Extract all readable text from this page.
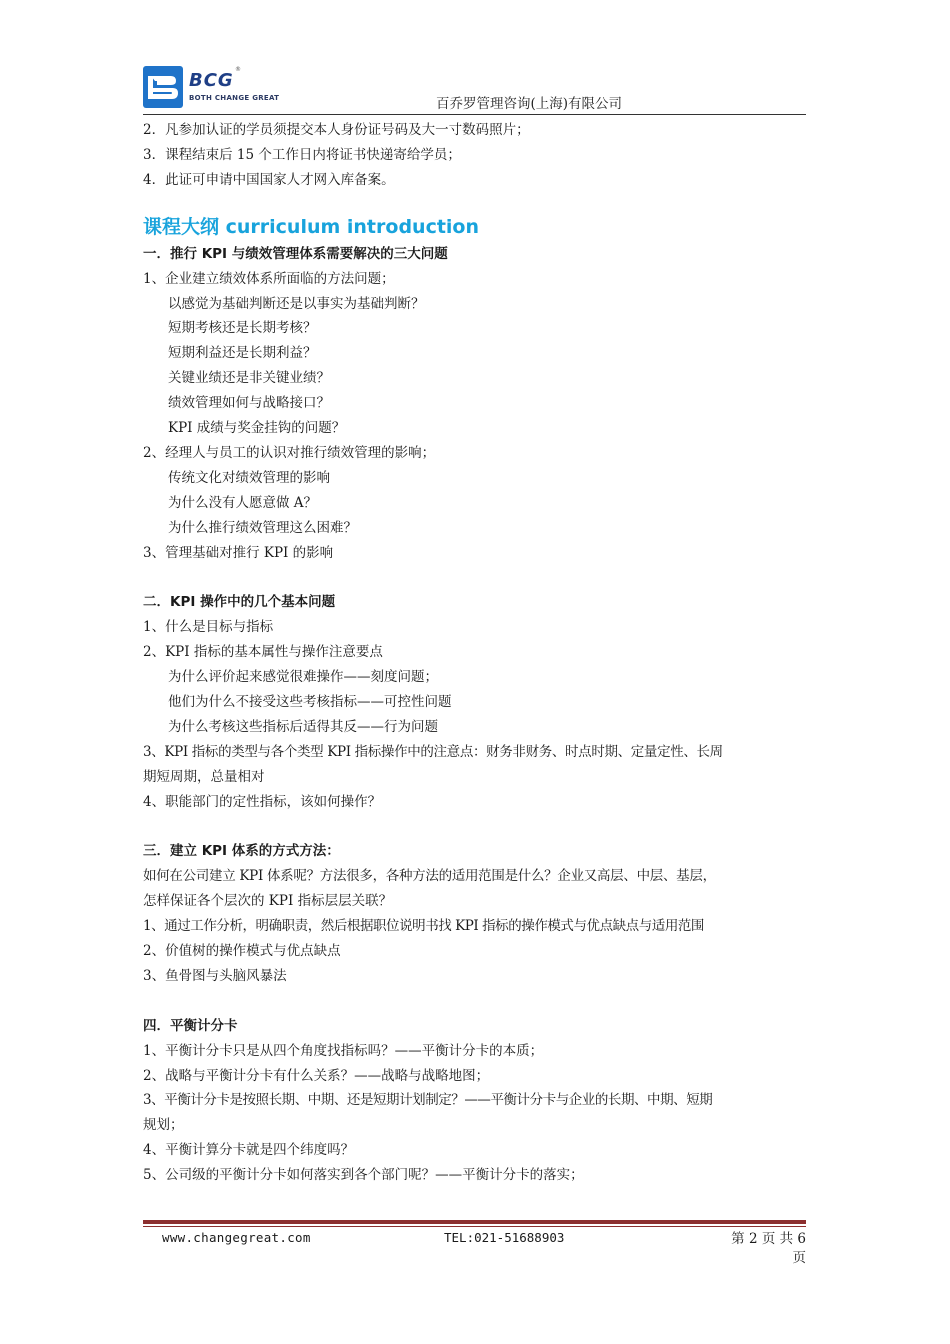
BCG
®
BOTH CHANGE GREAT	百乔罗管理咨询(上海)有限公司

2．凡参加认证的学员须提交本人身份证号码及大一寸数码照片；

3．课程结束后 15 个工作日内将证书快递寄给学员；

4．此证可申请中国国家人才网入库备案。

课程大纲 curriculum introduction

一．推行 KPI 与绩效管理体系需要解决的三大问题

1、企业建立绩效体系所面临的方法问题；

以感觉为基础判断还是以事实为基础判断？

短期考核还是长期考核？

短期利益还是长期利益？

关键业绩还是非关键业绩？

绩效管理如何与战略接口？

KPI 成绩与奖金挂钩的问题？

2、经理人与员工的认识对推行绩效管理的影响；

传统文化对绩效管理的影响

为什么没有人愿意做 A？

为什么推行绩效管理这么困难？

3、管理基础对推行 KPI 的影响

二．KPI 操作中的几个基本问题

1、什么是目标与指标

2、KPI 指标的基本属性与操作注意要点

为什么评价起来感觉很难操作——刻度问题；

他们为什么不接受这些考核指标——可控性问题

为什么考核这些指标后适得其反——行为问题

3、KPI 指标的类型与各个类型 KPI 指标操作中的注意点：财务非财务、时点时期、定量定性、长周

期短周期，总量相对

4、职能部门的定性指标，该如何操作？

三．建立 KPI 体系的方式方法：

如何在公司建立 KPI 体系呢？方法很多，各种方法的适用范围是什么？企业又高层、中层、基层，

怎样保证各个层次的 KPI 指标层层关联？

1、通过工作分析，明确职责，然后根据职位说明书找 KPI 指标的操作模式与优点缺点与适用范围

2、价值树的操作模式与优点缺点

3、鱼骨图与头脑风暴法

四．平衡计分卡

1、平衡计分卡只是从四个角度找指标吗？——平衡计分卡的本质；

2、战略与平衡计分卡有什么关系？——战略与战略地图；

3、平衡计分卡是按照长期、中期、还是短期计划制定？——平衡计分卡与企业的长期、中期、短期

规划；

4、平衡计算分卡就是四个纬度吗？

5、公司级的平衡计分卡如何落实到各个部门呢？——平衡计分卡的落实；

www.changegreat.com	TEL:021-51688903	第 2 页 共 6
页
